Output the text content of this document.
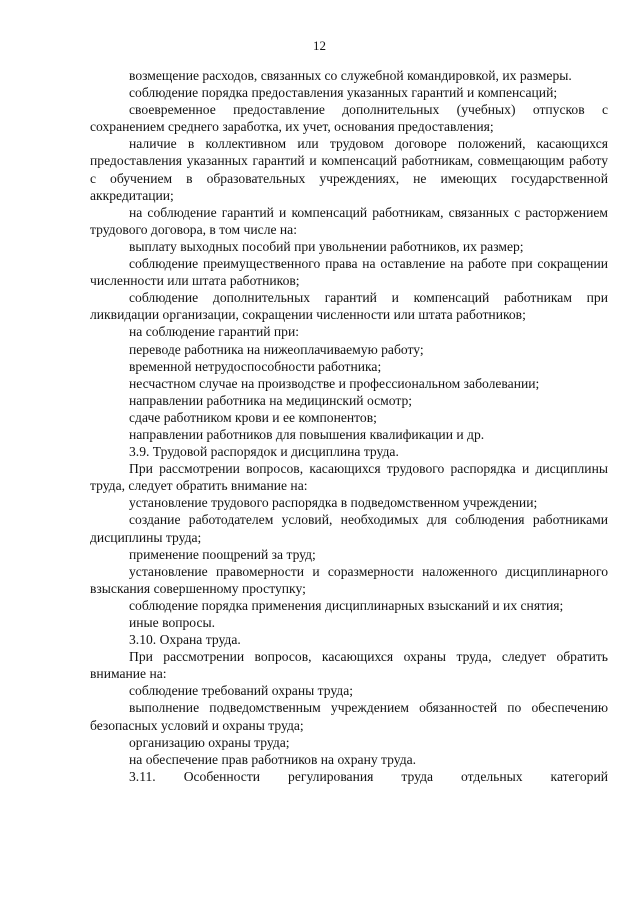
12

возмещение расходов, связанных со служебной командировкой, их размеры.

соблюдение порядка предоставления указанных гарантий и компенсаций;

своевременное предоставление дополнительных (учебных) отпусков с сохранением среднего заработка, их учет, основания предоставления;

наличие в коллективном или трудовом договоре положений, касающихся предоставления указанных гарантий и компенсаций работникам, совмещающим работу с обучением в образовательных учреждениях, не имеющих государственной аккредитации;

на соблюдение гарантий и компенсаций работникам, связанных с расторжением трудового договора, в том числе на:

выплату выходных пособий при увольнении работников, их размер;

соблюдение преимущественного права на оставление на работе при сокращении численности или штата работников;

соблюдение дополнительных гарантий и компенсаций работникам при ликвидации организации, сокращении численности или штата работников;

на соблюдение гарантий при:

переводе работника на нижеоплачиваемую работу;

временной нетрудоспособности работника;

несчастном случае на производстве и профессиональном заболевании;

направлении работника на медицинский осмотр;

сдаче работником крови и ее компонентов;

направлении работников для повышения квалификации и др.

3.9. Трудовой распорядок и дисциплина труда.

При рассмотрении вопросов, касающихся трудового распорядка и дисциплины труда, следует обратить внимание на:

установление трудового распорядка в подведомственном учреждении;

создание работодателем условий, необходимых для соблюдения работниками дисциплины труда;

применение поощрений за труд;

установление правомерности и соразмерности наложенного дисциплинарного взыскания совершенному проступку;

соблюдение порядка применения дисциплинарных взысканий и их снятия;

иные вопросы.

3.10. Охрана труда.

При рассмотрении вопросов, касающихся охраны труда, следует обратить внимание на:

соблюдение требований охраны труда;

выполнение подведомственным учреждением обязанностей по обеспечению безопасных условий и охраны труда;

организацию охраны труда;

на обеспечение прав работников на охрану труда.

3.11. Особенности регулирования труда отдельных категорий
